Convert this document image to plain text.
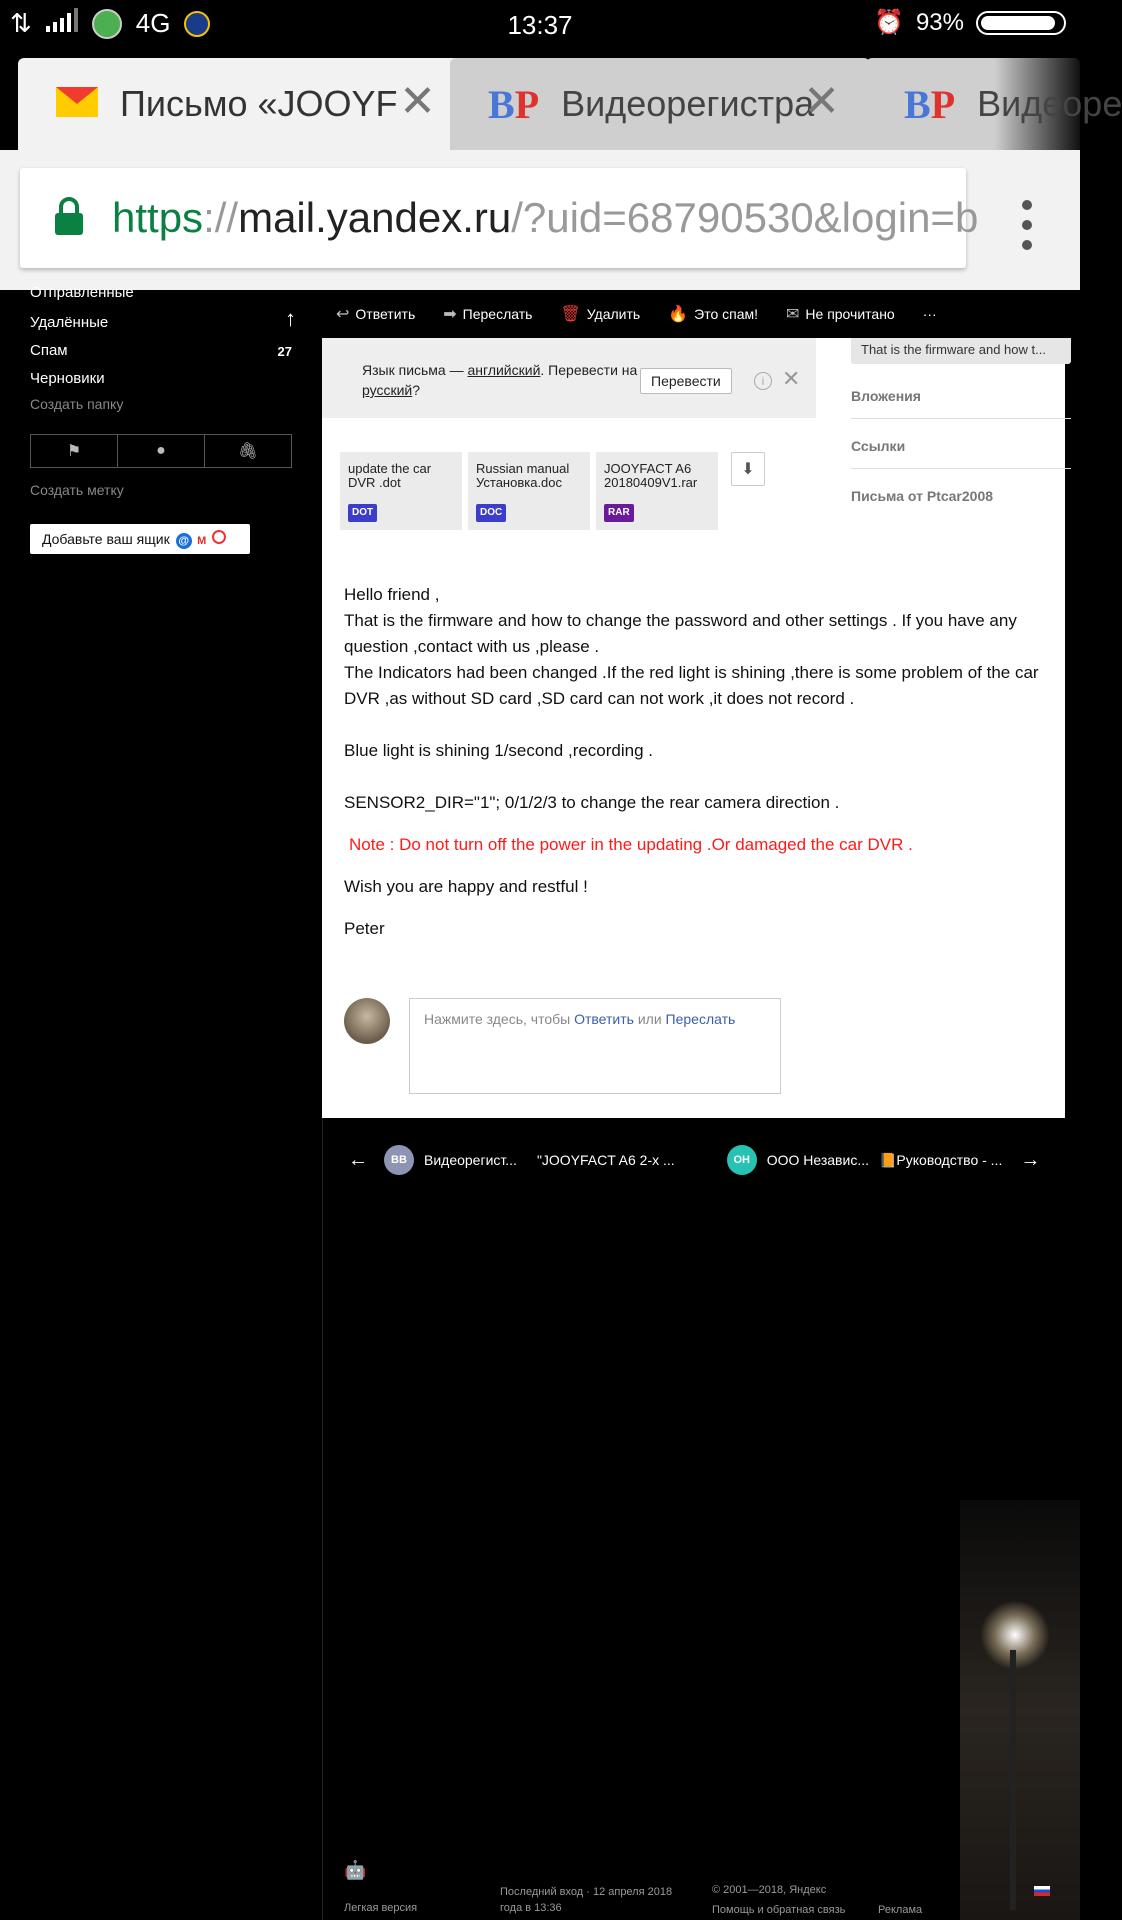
⇅	4G	13:37	⏰ 93%
Письмо «JOOYF ✕ BP Видеорегистра
✕ BP Видеоре
https://mail.yandex.ru/?uid=68790530&login=b
Отправленные
Удалённые	↑
Спам	27
Черновики
Создать папку
⚑	●	🖇
Создать метку
Добавьте ваш ящик @ M
↩ Ответить ➡ Переслать 🗑 Удалить 🔥 Это спам! ✉ Не прочитано ···
Язык письма — английский. Перевести на русский?
Перевести	i ✕
That is the firmware and how t...
Вложения
Ссылки
Письма от Ptcar2008
update the car DVR .dot
DOT
Russian manual Установка.doc
DOC
JOOYFACT A6 20180409V1.rar
RAR
⬇

Hello friend ,

That is the firmware and how to change the password and other settings . If you have any question ,contact with us ,please .

The Indicators had been changed .If the red light is shining ,there is some problem of the car DVR ,as without SD card ,SD card can not work ,it does not record .

Blue light is shining 1/second ,recording .

SENSOR2_DIR="1"; 0/1/2/3 to change the rear camera direction .

Note : Do not turn off the power in the updating .Or damaged the car DVR .

Wish you are happy and restful !

Peter

Нажмите здесь, чтобы Ответить или Переслать
←	ВВ	Видеорегист... "JOOYFACT A6 2-х ...	ОН	ООО Независ... 📙Руководство - ... →
🤖
Легкая версия
Последний вход · 12 апреля 2018
года в 13:36
© 2001—2018, Яндекс
Помощь и обратная связь	Реклама
